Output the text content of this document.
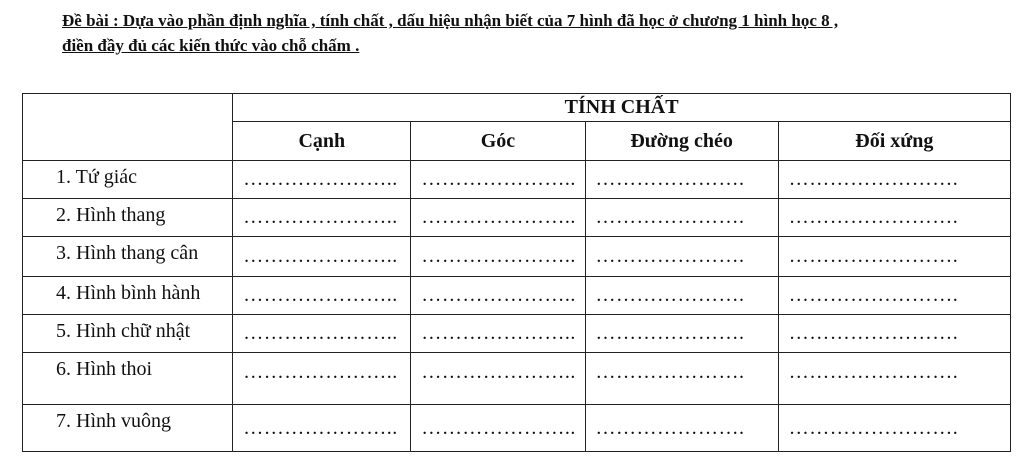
Đề bài : Dựa vào phần định nghĩa , tính chất , dấu hiệu nhận biết của 7 hình đã học ở chương 1 hình học 8 ,
điền đầy đủ các kiến thức vào chỗ chấm .
	TÍNH CHẤT			
	Cạnh	Góc	Đường chéo	Đối xứng
1. Tứ giác	…………………..	…………………..	………………….	…………………….
2. Hình thang	…………………..	…………………..	………………….	…………………….
3. Hình thang cân	…………………..	…………………..	………………….	…………………….
4. Hình bình hành	…………………..	…………………..	………………….	…………………….
5. Hình chữ nhật	…………………..	…………………..	………………….	…………………….
6. Hình thoi	…………………..	…………………..	………………….	…………………….
7. Hình vuông	…………………..	…………………..	………………….	…………………….
